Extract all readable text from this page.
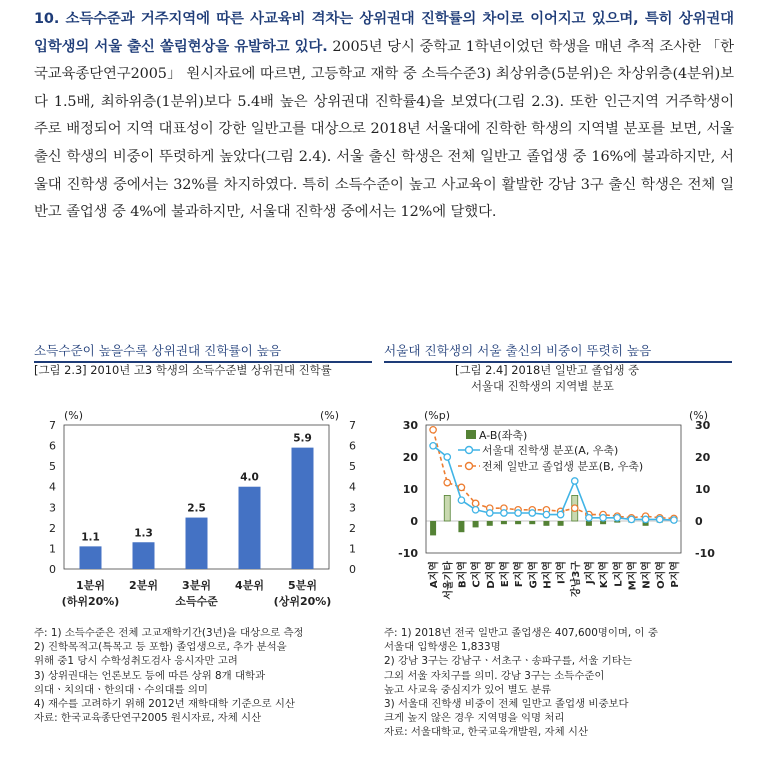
10. 소득수준과 거주지역에 따른 사교육비 격차는 상위권대 진학률의 차이로 이어지고 있으며, 특히 상위권대 입학생의 서울 출신 쏠림현상을 유발하고 있다. 2005년 당시 중학교 1학년이었던 학생을 매년 추적 조사한 「한국교육종단연구2005」 원시자료에 따르면, 고등학교 재학 중 소득수준3) 최상위층(5분위)은 차상위층(4분위)보다 1.5배, 최하위층(1분위)보다 5.4배 높은 상위권대 진학률4)을 보였다(그림 2.3). 또한 인근지역 거주학생이 주로 배정되어 지역 대표성이 강한 일반고를 대상으로 2018년 서울대에 진학한 학생의 지역별 분포를 보면, 서울 출신 학생의 비중이 뚜렷하게 높았다(그림 2.4). 서울 출신 학생은 전체 일반고 졸업생 중 16%에 불과하지만, 서울대 진학생 중에서는 32%를 차지하였다. 특히 소득수준이 높고 사교육이 활발한 강남 3구 출신 학생은 전체 일반고 졸업생 중 4%에 불과하지만, 서울대 진학생 중에서는 12%에 달했다.
소득수준이 높을수록 상위권대 진학률이 높음	서울대 진학생의 서울 출신의 비중이 뚜렷히 높음
[그림 2.3] 2010년 고3 학생의 소득수준별 상위권대 진학률	[그림 2.4] 2018년 일반고 졸업생 중
서울대 진학생의 지역별 분포
(%)	(%)
0	0
1	1
2	2
3	3
4	4
5	5
6	6
7	7
1.1	1.3
2.5
4.0
5.9
1분위
(하위20%)
2분위 3분위 4분위 5분위
(상위20%)
소득수준
(%p)	(%)
30	30
20	20
10	10
0	0
-10	-10
A지역 서울기타 B지역 C지역 D지역 E지역 F지역 G지역 H지역 I지역 강남3구 J지역 K지역 L지역 M지역 N지역 O지역 P지역
A-B(좌축)
서울대 진학생 분포(A, 우축)
전체 일반고 졸업생 분포(B, 우축)
주: 1) 소득수준은 전체 고교재학기간(3년)을 대상으로 측정
2) 진학목적고(특목고 등 포함) 졸업생으로, 추가 분석을
위해 중1 당시 수학성취도검사 응시자만 고려
3) 상위권대는 언론보도 등에 따른 상위 8개 대학과
의대ㆍ치의대ㆍ한의대ㆍ수의대를 의미
4) 재수를 고려하기 위해 2012년 재학대학 기준으로 시산
자료: 한국교육종단연구2005 원시자료, 자체 시산
주: 1) 2018년 전국 일반고 졸업생은 407,600명이며, 이 중
서울대 입학생은 1,833명
2) 강남 3구는 강남구ㆍ서초구ㆍ송파구를, 서울 기타는
그외 서울 자치구를 의미. 강남 3구는 소득수준이
높고 사교육 중심지가 있어 별도 분류
3) 서울대 진학생 비중이 전체 일반고 졸업생 비중보다
크게 높지 않은 경우 지역명을 익명 처리
자료: 서울대학교, 한국교육개발원, 자체 시산
